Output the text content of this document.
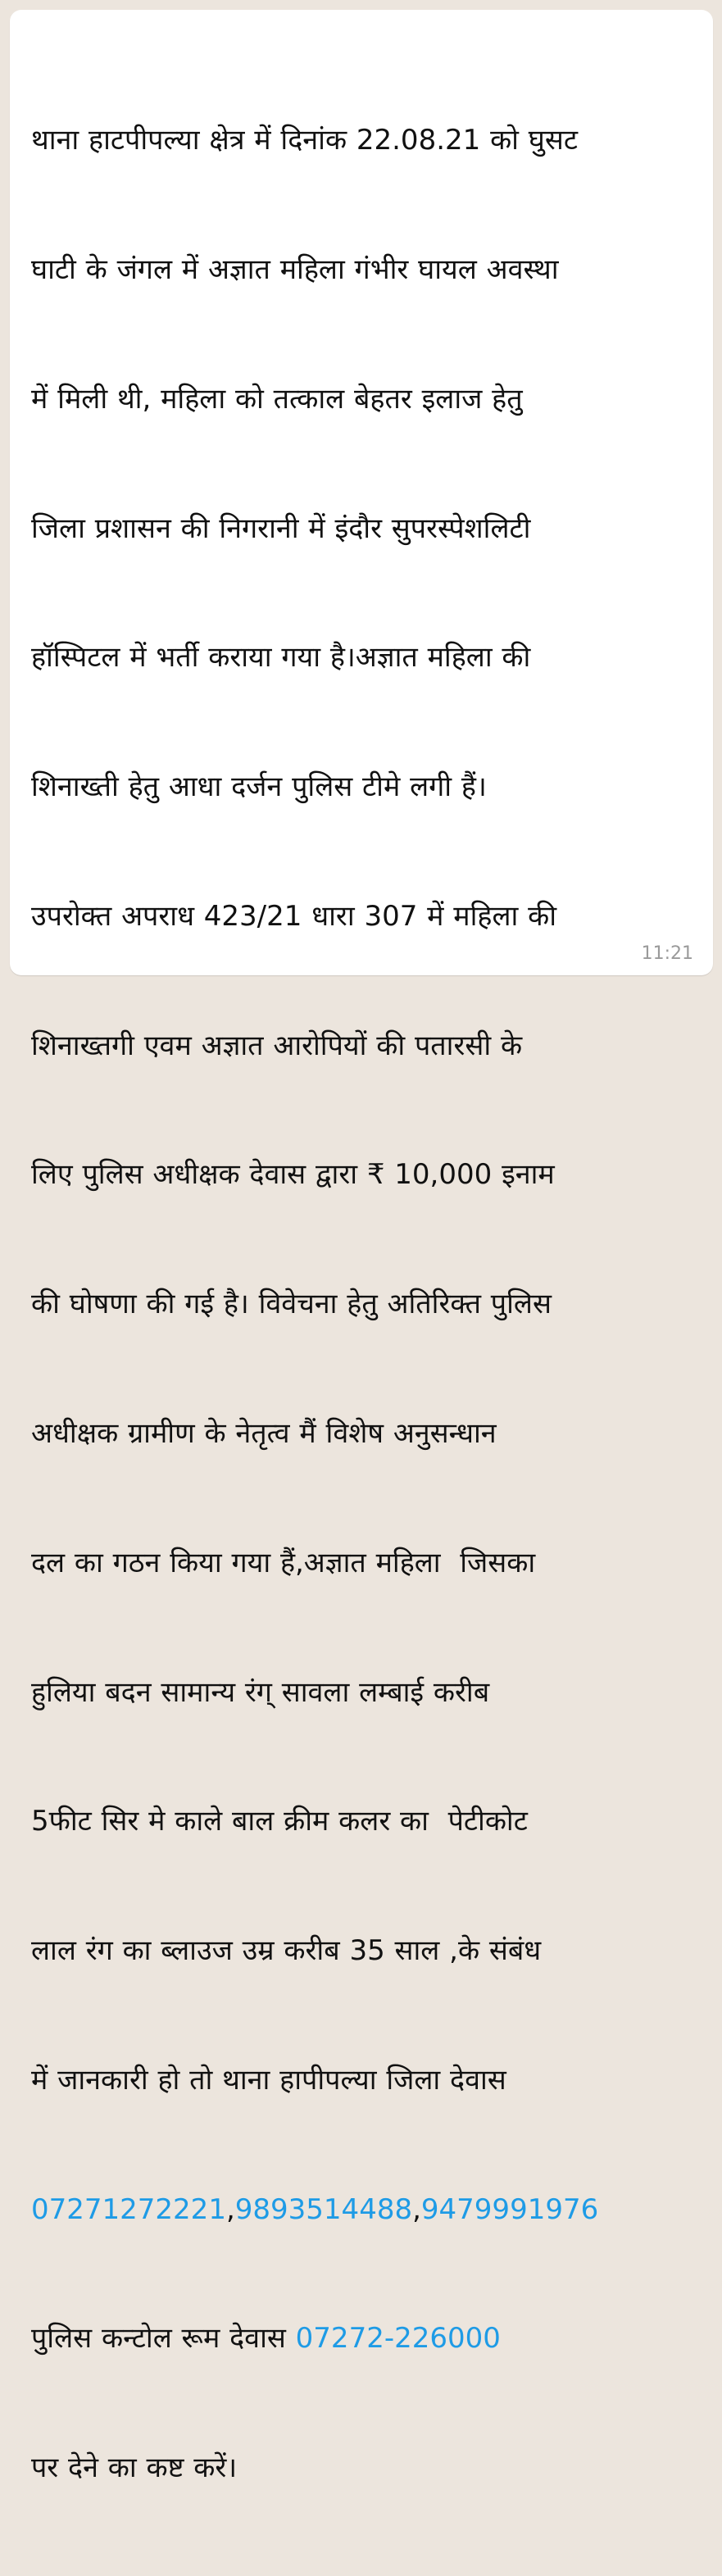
थाना हाटपीपल्या क्षेत्र में दिनांक 22.08.21 को घुसट

घाटी के जंगल में अज्ञात महिला गंभीर घायल अवस्था

में मिली थी, महिला को तत्काल बेहतर इलाज हेतु

जिला प्रशासन की निगरानी में इंदौर सुपरस्पेशलिटी

हॉस्पिटल में भर्ती कराया गया है।अज्ञात महिला की

शिनाख्ती हेतु आधा दर्जन पुलिस टीमे लगी हैं।

उपरोक्त अपराध 423/21 धारा 307 में महिला की

शिनाख्तगी एवम अज्ञात आरोपियों की पतारसी के

लिए पुलिस अधीक्षक देवास द्वारा ₹ 10,000 इनाम

की घोषणा की गई है। विवेचना हेतु अतिरिक्त पुलिस

अधीक्षक ग्रामीण के नेतृत्व मैं विशेष अनुसन्धान

दल का गठन किया गया हैं,अज्ञात महिला  जिसका

हुलिया बदन सामान्य रंग् सावला लम्बाई करीब

5फीट सिर मे काले बाल क्रीम कलर का  पेटीकोट

लाल रंग का ब्लाउज उम्र करीब 35 साल ,के संबंध

में जानकारी हो तो थाना हापीपल्या जिला देवास

07271272221,9893514488,9479991976

पुलिस कन्टोल रूम देवास 07272-226000

पर देने का कष्ट करें।

11:21
